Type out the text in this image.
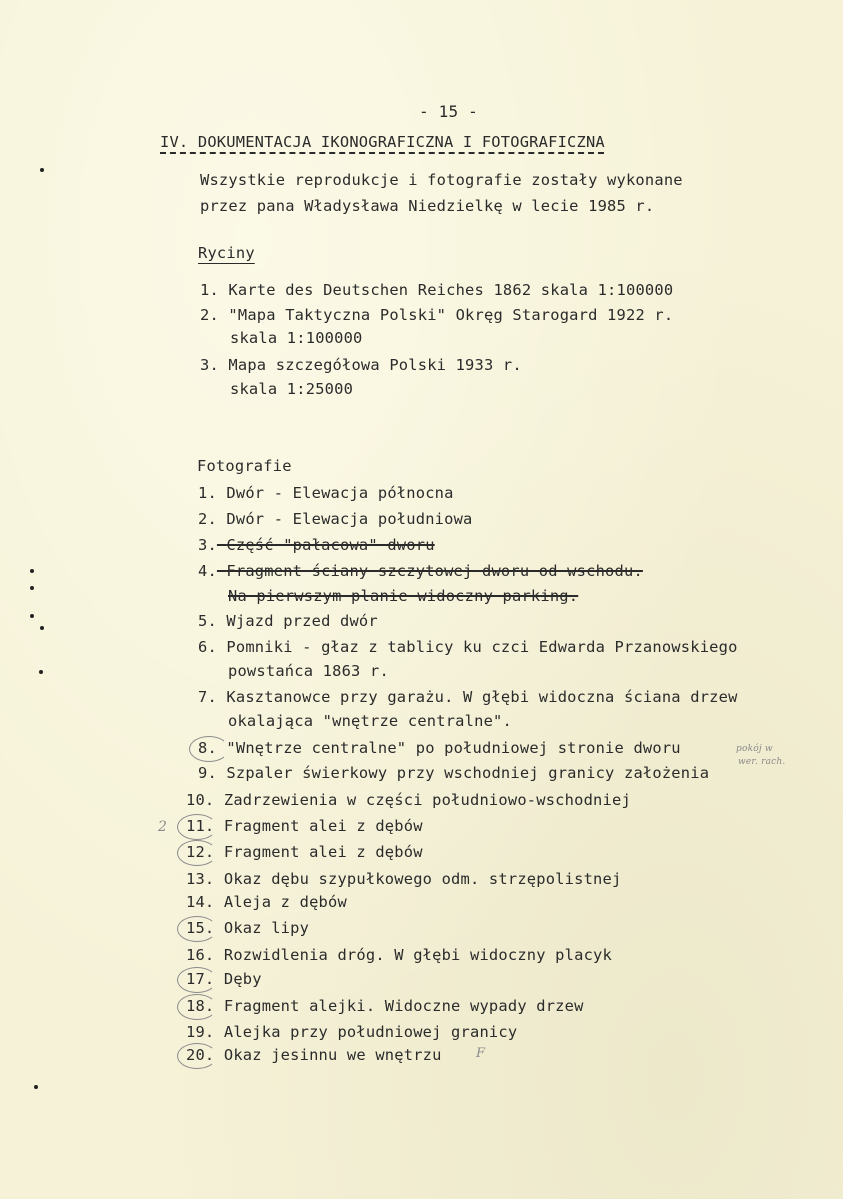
- 15 -
IV. DOKUMENTACJA IKONOGRAFICZNA I FOTOGRAFICZNA
Wszystkie reprodukcje i fotografie zostały wykonane
przez pana Władysława Niedzielkę w lecie 1985 r.
Ryciny
1. Karte des Deutschen Reiches 1862 skala 1:100000
2. "Mapa Taktyczna Polski" Okręg Starogard 1922 r.
skala 1:100000
3. Mapa szczegółowa Polski 1933 r.
skala 1:25000
Fotografie
1. Dwór - Elewacja północna
2. Dwór - Elewacja południowa
3. Część "pałacowa" dworu
4. Fragment ściany szczytowej dworu od wschodu.
Na pierwszym planie widoczny parking.
5. Wjazd przed dwór
6. Pomniki - głaz z tablicy ku czci Edwarda Przanowskiego
powstańca 1863 r.
7. Kasztanowce przy garażu. W głębi widoczna ściana drzew
okalająca "wnętrze centralne".
8. "Wnętrze centralne" po południowej stronie dworu
9. Szpaler świerkowy przy wschodniej granicy założenia
10. Zadrzewienia w części południowo-wschodniej
11. Fragment alei z dębów
12. Fragment alei z dębów
13. Okaz dębu szypułkowego odm. strzępolistnej
14. Aleja z dębów
15. Okaz lipy
16. Rozwidlenia dróg. W głębi widoczny placyk
17. Dęby
18. Fragment alejki. Widoczne wypady drzew
19. Alejka przy południowej granicy
20. Okaz jesinnu we wnętrzu
2
pokój w
wer. rach.
F
